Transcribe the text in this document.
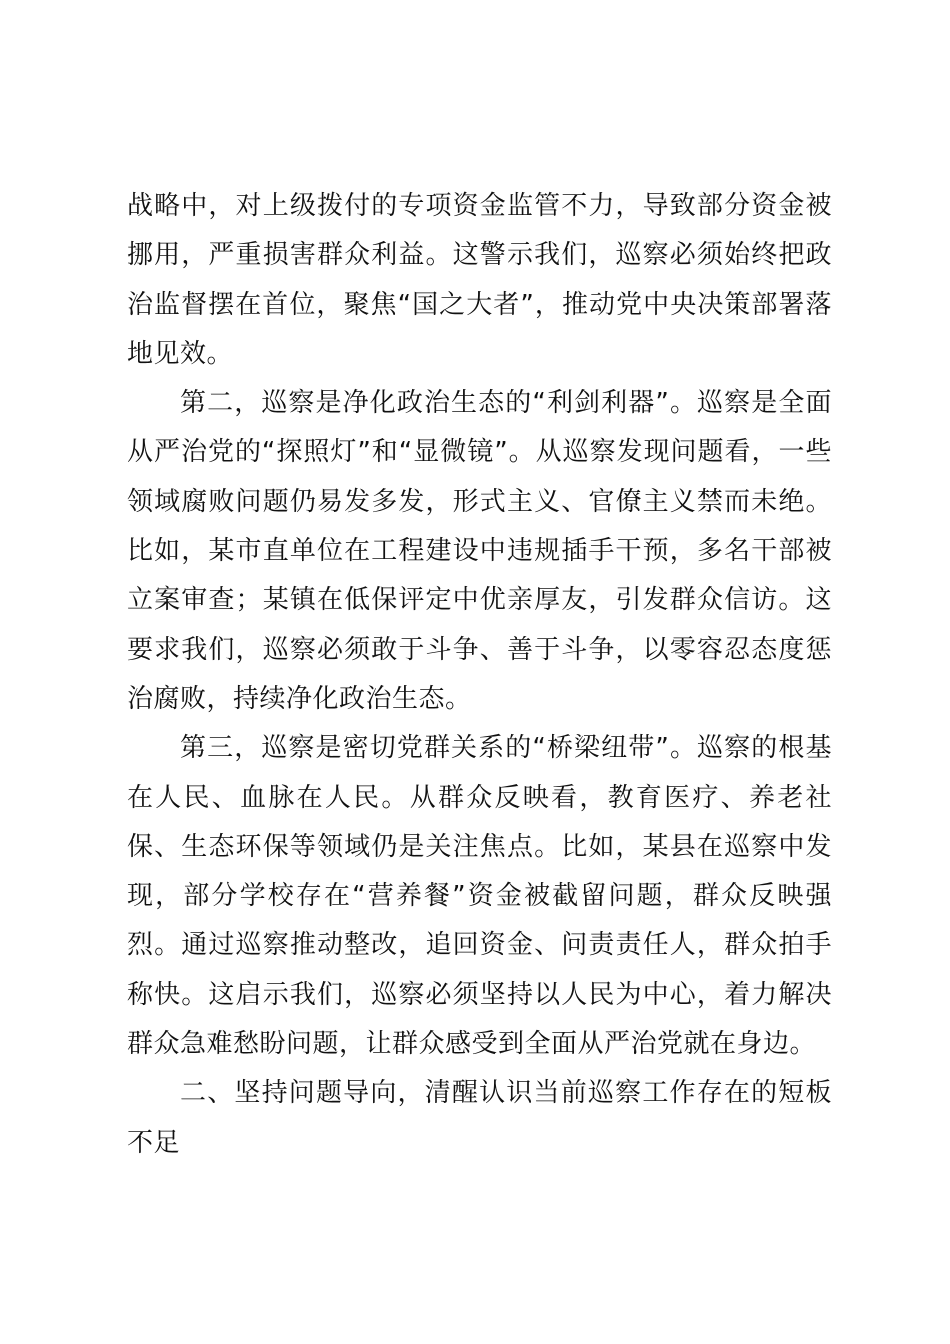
战略中，对上级拨付的专项资金监管不力，导致部分资金被挪用，严重损害群众利益。这警示我们，巡察必须始终把政治监督摆在首位，聚焦“国之大者”，推动党中央决策部署落地见效。

第二，巡察是净化政治生态的“利剑利器”。巡察是全面从严治党的“探照灯”和“显微镜”。从巡察发现问题看，一些领域腐败问题仍易发多发，形式主义、官僚主义禁而未绝。比如，某市直单位在工程建设中违规插手干预，多名干部被立案审查；某镇在低保评定中优亲厚友，引发群众信访。这要求我们，巡察必须敢于斗争、善于斗争，以零容忍态度惩治腐败，持续净化政治生态。

第三，巡察是密切党群关系的“桥梁纽带”。巡察的根基在人民、血脉在人民。从群众反映看，教育医疗、养老社保、生态环保等领域仍是关注焦点。比如，某县在巡察中发现，部分学校存在“营养餐”资金被截留问题，群众反映强烈。通过巡察推动整改，追回资金、问责责任人，群众拍手称快。这启示我们，巡察必须坚持以人民为中心，着力解决群众急难愁盼问题，让群众感受到全面从严治党就在身边。

二、坚持问题导向，清醒认识当前巡察工作存在的短板不足
